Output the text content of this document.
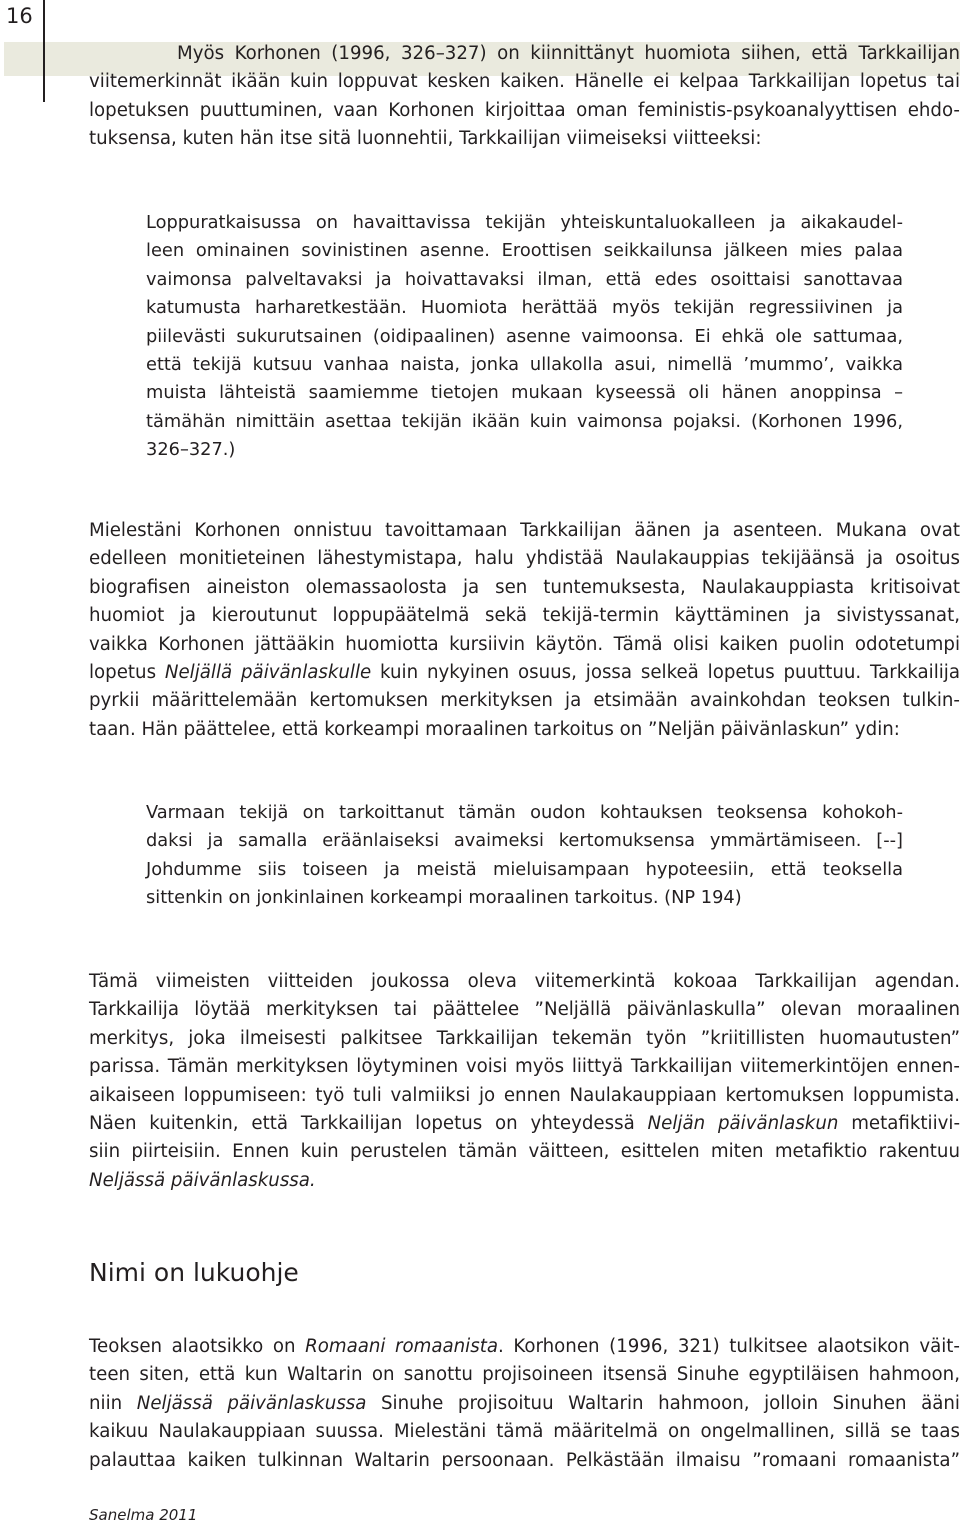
16
Myös Korhonen (1996, 326–327) on kiinnittänyt huomiota siihen, että Tarkkailijan
viitemerkinnät ikään kuin loppuvat kesken kaiken. Hänelle ei kelpaa Tarkkailijan lopetus tai
lopetuksen puuttuminen, vaan Korhonen kirjoittaa oman feministis-psykoanalyyttisen ehdo-
tuksensa, kuten hän itse sitä luonnehtii, Tarkkailijan viimeiseksi viitteeksi:
Loppuratkaisussa on havaittavissa tekijän yhteiskuntaluokalleen ja aikakaudel-
leen ominainen sovinistinen asenne. Eroottisen seikkailunsa jälkeen mies palaa
vaimonsa palveltavaksi ja hoivattavaksi ilman, että edes osoittaisi sanottavaa
katumusta harharetkestään. Huomiota herättää myös tekijän regressiivinen ja
piilevästi sukurutsainen (oidipaalinen) asenne vaimoonsa. Ei ehkä ole sattumaa,
että tekijä kutsuu vanhaa naista, jonka ullakolla asui, nimellä ’mummo’, vaikka
muista lähteistä saamiemme tietojen mukaan kyseessä oli hänen anoppinsa –
tämähän nimittäin asettaa tekijän ikään kuin vaimonsa pojaksi. (Korhonen 1996,
326–327.)
Mielestäni Korhonen onnistuu tavoittamaan Tarkkailijan äänen ja asenteen. Mukana ovat
edelleen monitieteinen lähestymistapa, halu yhdistää Naulakauppias tekijäänsä ja osoitus
biografisen aineiston olemassaolosta ja sen tuntemuksesta, Naulakauppiasta kritisoivat
huomiot ja kieroutunut loppupäätelmä sekä tekijä-termin käyttäminen ja sivistyssanat,
vaikka Korhonen jättääkin huomiotta kursiivin käytön. Tämä olisi kaiken puolin odotetumpi
lopetus Neljällä päivänlaskulle kuin nykyinen osuus, jossa selkeä lopetus puuttuu. Tarkkailija
pyrkii määrittelemään kertomuksen merkityksen ja etsimään avainkohdan teoksen tulkin-
taan. Hän päättelee, että korkeampi moraalinen tarkoitus on ”Neljän päivänlaskun” ydin:
Varmaan tekijä on tarkoittanut tämän oudon kohtauksen teoksensa kohokoh-
daksi ja samalla eräänlaiseksi avaimeksi kertomuksensa ymmärtämiseen. [--]
Johdumme siis toiseen ja meistä mieluisampaan hypoteesiin, että teoksella
sittenkin on jonkinlainen korkeampi moraalinen tarkoitus. (NP 194)
Tämä viimeisten viitteiden joukossa oleva viitemerkintä kokoaa Tarkkailijan agendan.
Tarkkailija löytää merkityksen tai päättelee ”Neljällä päivänlaskulla” olevan moraalinen
merkitys, joka ilmeisesti palkitsee Tarkkailijan tekemän työn ”kriitillisten huomautusten”
parissa. Tämän merkityksen löytyminen voisi myös liittyä Tarkkailijan viitemerkintöjen ennen-
aikaiseen loppumiseen: työ tuli valmiiksi jo ennen Naulakauppiaan kertomuksen loppumista.
Näen kuitenkin, että Tarkkailijan lopetus on yhteydessä Neljän päivänlaskun metafiktiivi-
siin piirteisiin. Ennen kuin perustelen tämän väitteen, esittelen miten metafiktio rakentuu
Neljässä päivänlaskussa.
Nimi on lukuohje
Teoksen alaotsikko on Romaani romaanista. Korhonen (1996, 321) tulkitsee alaotsikon väit-
teen siten, että kun Waltarin on sanottu projisoineen itsensä Sinuhe egyptiläisen hahmoon,
niin Neljässä päivänlaskussa Sinuhe projisoituu Waltarin hahmoon, jolloin Sinuhen ääni
kaikuu Naulakauppiaan suussa. Mielestäni tämä määritelmä on ongelmallinen, sillä se taas
palauttaa kaiken tulkinnan Waltarin persoonaan. Pelkästään ilmaisu ”romaani romaanista”
Sanelma 2011
